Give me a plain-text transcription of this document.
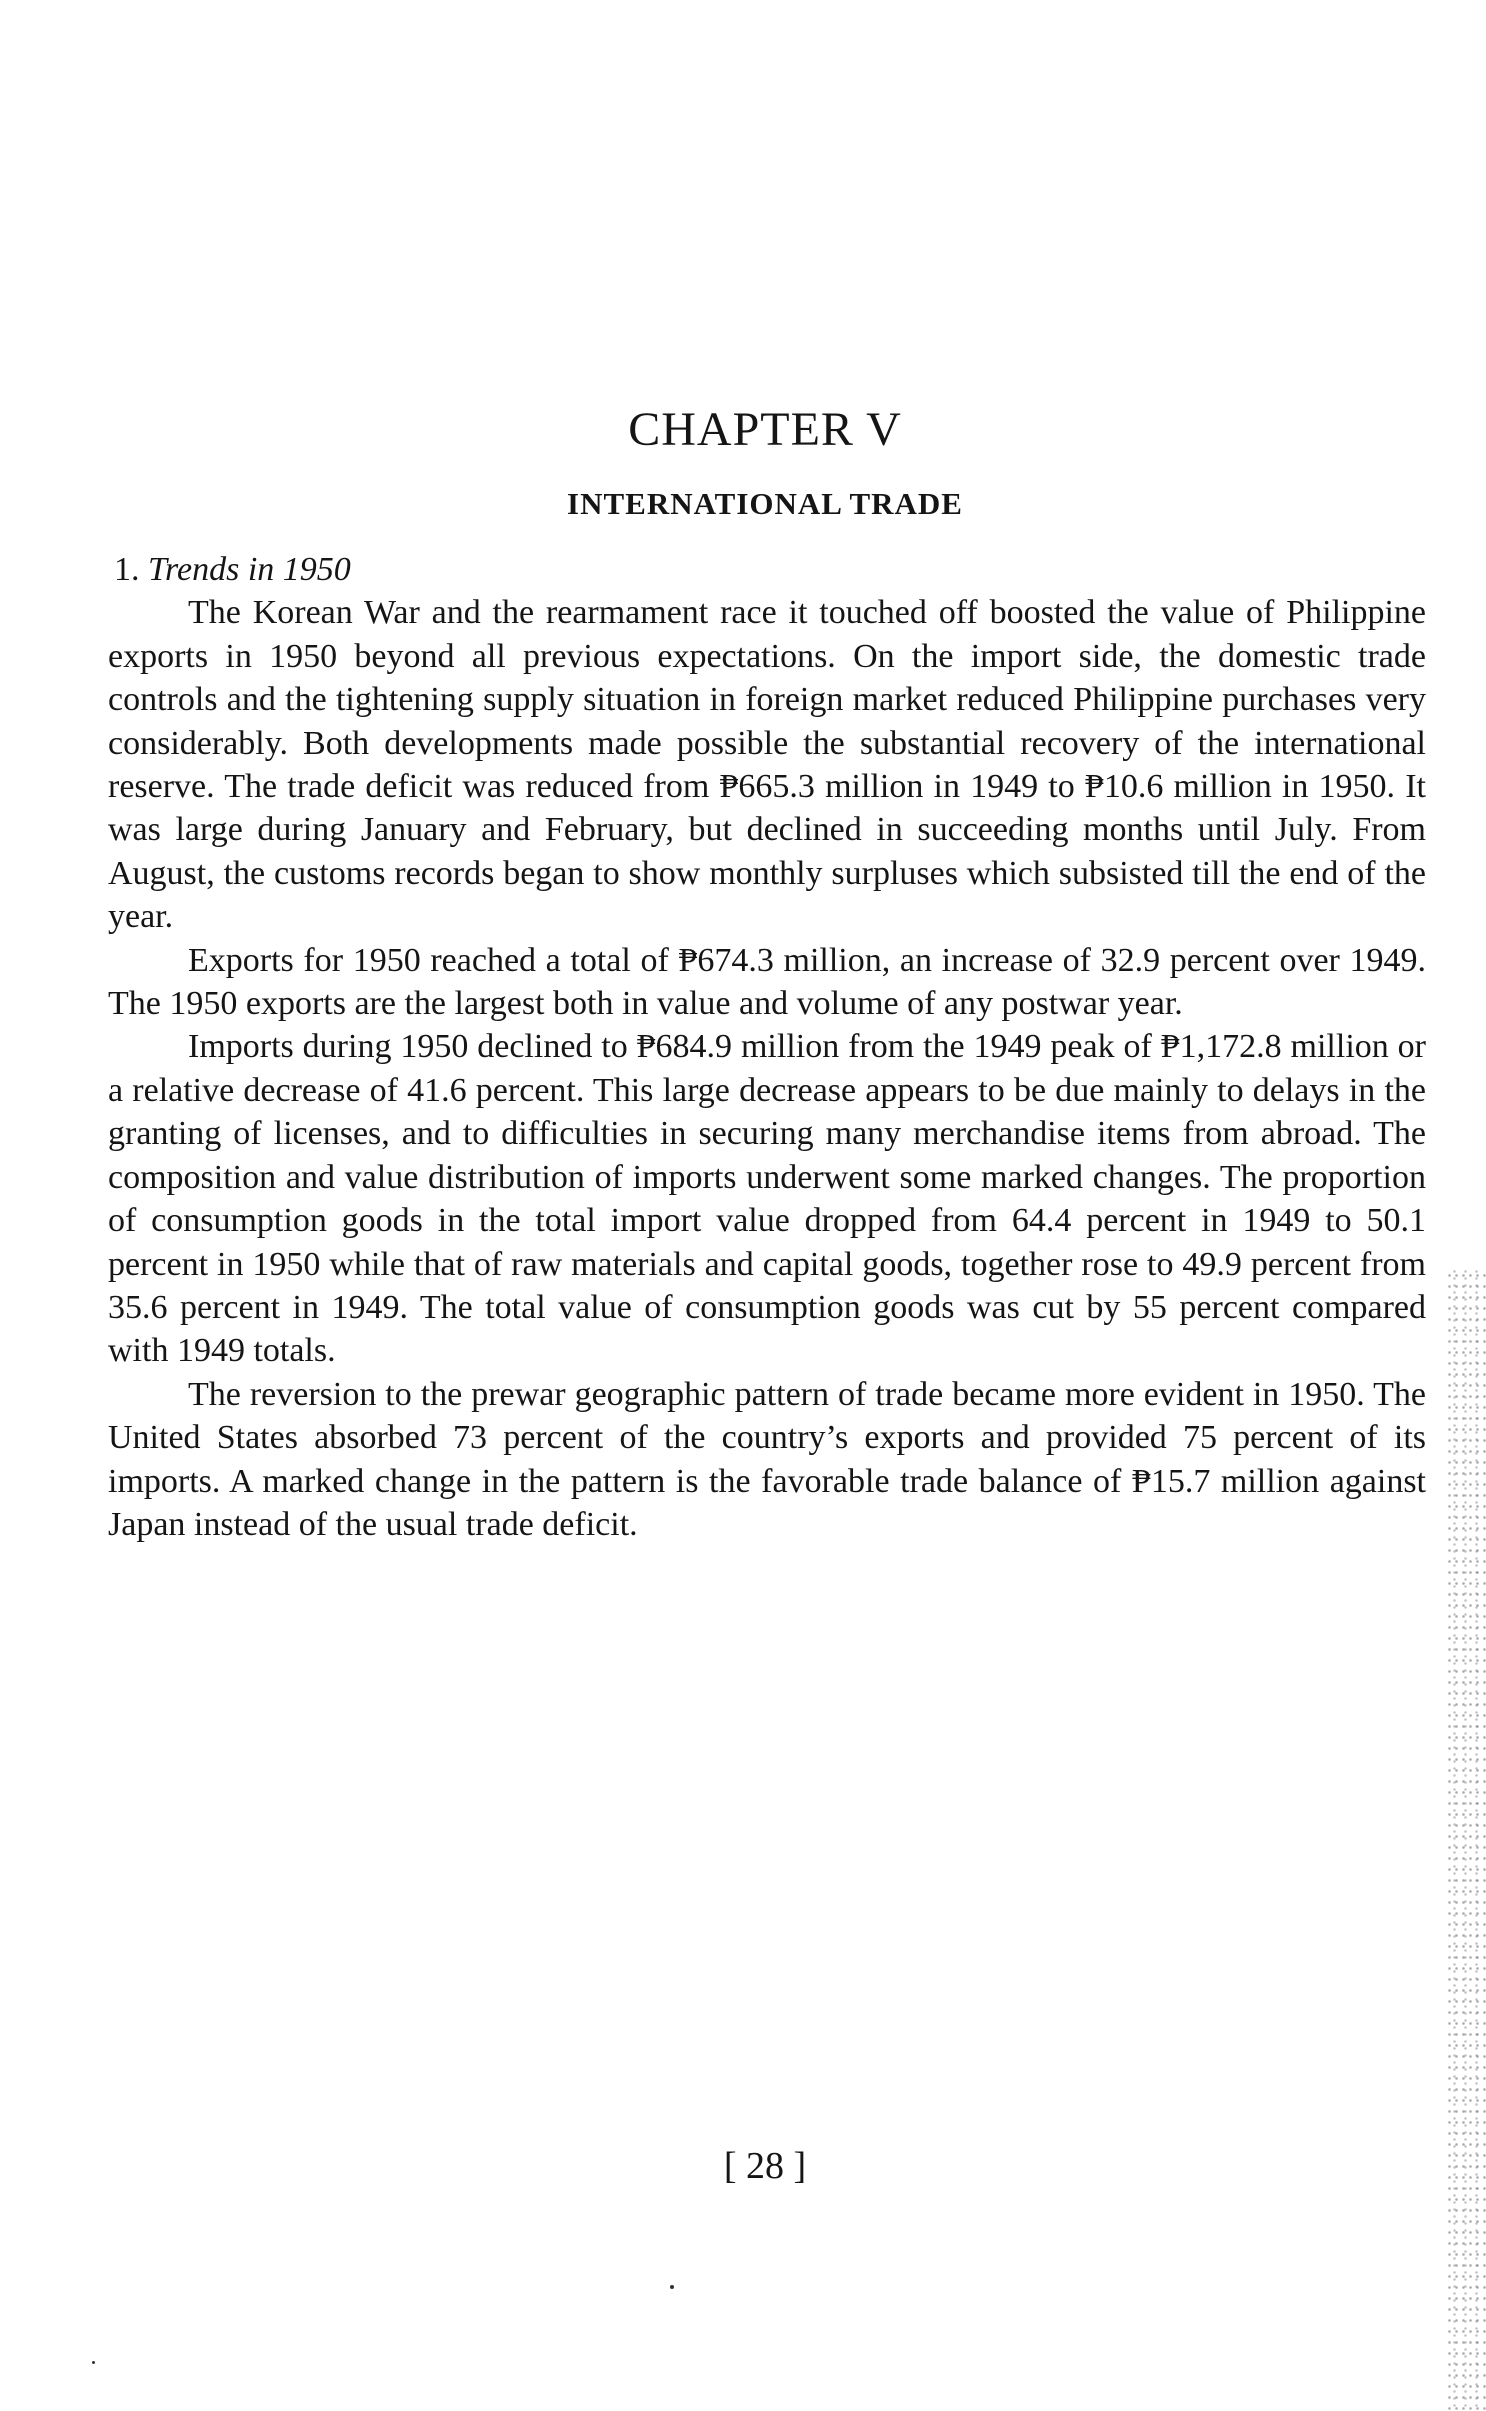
CHAPTER V
INTERNATIONAL TRADE
1. Trends in 1950

The Korean War and the rearmament race it touched off boosted the value of Philippine exports in 1950 beyond all previous expectations. On the import side, the domestic trade controls and the tightening supply situation in foreign market reduced Philippine purchases very considerably. Both developments made possible the substantial recovery of the international reserve. The trade deficit was reduced from ₱665.3 million in 1949 to ₱10.6 million in 1950. It was large during January and February, but declined in succeeding months until July. From August, the customs records began to show monthly surpluses which subsisted till the end of the year.

Exports for 1950 reached a total of ₱674.3 million, an increase of 32.9 percent over 1949. The 1950 exports are the largest both in value and volume of any postwar year.

Imports during 1950 declined to ₱684.9 million from the 1949 peak of ₱1,172.8 million or a relative decrease of 41.6 percent. This large decrease appears to be due mainly to delays in the granting of licenses, and to difficulties in securing many merchandise items from abroad. The composition and value distribution of imports underwent some marked changes. The proportion of consumption goods in the total import value dropped from 64.4 percent in 1949 to 50.1 percent in 1950 while that of raw materials and capital goods, together rose to 49.9 percent from 35.6 percent in 1949. The total value of consumption goods was cut by 55 percent compared with 1949 totals.

The reversion to the prewar geographic pattern of trade became more evident in 1950. The United States absorbed 73 percent of the country’s exports and provided 75 percent of its imports. A marked change in the pattern is the favorable trade balance of ₱15.7 million against Japan instead of the usual trade deficit.

[ 28 ]
